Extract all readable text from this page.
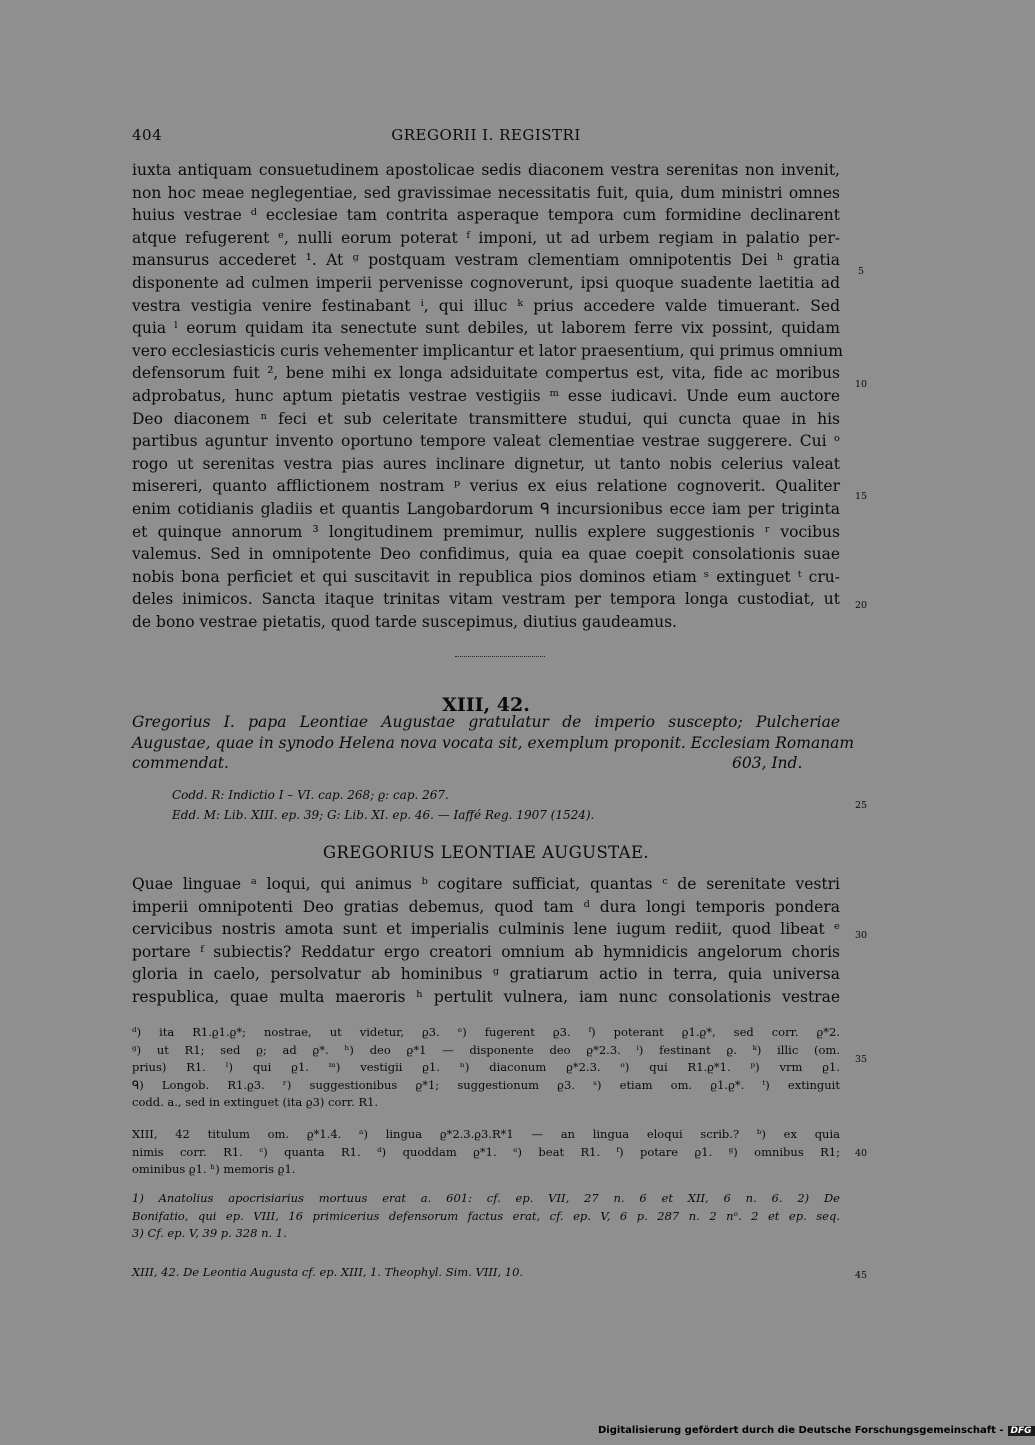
404	GREGORII I. REGISTRI
iuxta antiquam consuetudinem apostolicae sedis diaconem vestra serenitas non invenit,
non hoc meae neglegentiae, sed gravissimae necessitatis fuit, quia, dum ministri omnes
huius vestrae ᵈ ecclesiae tam contrita asperaque tempora cum formidine declinarent
atque refugerent ᵉ, nulli eorum poterat ᶠ imponi, ut ad urbem regiam in palatio per-
mansurus accederet ¹. At ᵍ postquam vestram clementiam omnipotentis Dei ʰ gratia
disponente ad culmen imperii pervenisse cognoverunt, ipsi quoque suadente laetitia ad
vestra vestigia venire festinabant ⁱ, qui illuc ᵏ prius accedere valde timuerant. Sed
quia ˡ eorum quidam ita senectute sunt debiles, ut laborem ferre vix possint, quidam
vero ecclesiasticis curis vehementer implicantur et lator praesentium, qui primus omnium
defensorum fuit ², bene mihi ex longa adsiduitate compertus est, vita, fide ac moribus
adprobatus, hunc aptum pietatis vestrae vestigiis ᵐ esse iudicavi. Unde eum auctore
Deo diaconem ⁿ feci et sub celeritate transmittere studui, qui cuncta quae in his
partibus aguntur invento oportuno tempore valeat clementiae vestrae suggerere. Cui ᵒ
rogo ut serenitas vestra pias aures inclinare dignetur, ut tanto nobis celerius valeat
misereri, quanto afflictionem nostram ᵖ verius ex eius relatione cognoverit. Qualiter
enim cotidianis gladiis et quantis Langobardorum ᑫ incursionibus ecce iam per triginta
et quinque annorum ³ longitudinem premimur, nullis explere suggestionis ʳ vocibus
valemus. Sed in omnipotente Deo confidimus, quia ea quae coepit consolationis suae
nobis bona perficiet et qui suscitavit in republica pios dominos etiam ˢ extinguet ᵗ cru-
deles inimicos. Sancta itaque trinitas vitam vestram per tempora longa custodiat, ut
de bono vestrae pietatis, quod tarde suscepimus, diutius gaudeamus.
XIII, 42.
Gregorius I. papa Leontiae Augustae gratulatur de imperio suscepto; Pulcheriae
Augustae, quae in synodo Helena nova vocata sit, exemplum proponit. Ecclesiam Romanam
commendat.	603, Ind.
Codd. R: Indictio I – VI. cap. 268; ϱ: cap. 267.
Edd. M: Lib. XIII. ep. 39; G: Lib. XI. ep. 46. — Iaffé Reg. 1907 (1524).
GREGORIUS LEONTIAE AUGUSTAE.
Quae linguae ᵃ loqui, qui animus ᵇ cogitare sufficiat, quantas ᶜ de serenitate vestri
imperii omnipotenti Deo gratias debemus, quod tam ᵈ dura longi temporis pondera
cervicibus nostris amota sunt et imperialis culminis lene iugum rediit, quod libeat ᵉ
portare ᶠ subiectis? Reddatur ergo creatori omnium ab hymnidicis angelorum choris
gloria in caelo, persolvatur ab hominibus ᵍ gratiarum actio in terra, quia universa
respublica, quae multa maeroris ʰ pertulit vulnera, iam nunc consolationis vestrae
ᵈ) ita R1.ϱ1.ϱ*; nostrae, ut videtur, ϱ3. ᵉ) fugerent ϱ3. ᶠ) poterant ϱ1.ϱ*, sed corr. ϱ*2.
ᵍ) ut R1; sed ϱ; ad ϱ*. ʰ) deo ϱ*1 — disponente deo ϱ*2.3. ⁱ) festinant ϱ. ᵏ) illic (om.
prius) R1. ˡ) qui ϱ1. ᵐ) vestigii ϱ1. ⁿ) diaconum ϱ*2.3. ᵒ) qui R1.ϱ*1. ᵖ) vrm ϱ1.
ᑫ) Longob. R1.ϱ3. ʳ) suggestionibus ϱ*1; suggestionum ϱ3. ˢ) etiam om. ϱ1.ϱ*. ᵗ) extinguit
codd. a., sed in extinguet (ita ϱ3) corr. R1.
XIII, 42 titulum om. ϱ*1.4. ᵃ) lingua ϱ*2.3.ϱ3.R*1 — an lingua eloqui scrib.? ᵇ) ex quia
nimis corr. R1. ᶜ) quanta R1. ᵈ) quoddam ϱ*1. ᵉ) beat R1. ᶠ) potare ϱ1. ᵍ) omnibus R1;
ominibus ϱ1. ʰ) memoris ϱ1.
1) Anatolius apocrisiarius mortuus erat a. 601: cf. ep. VII, 27 n. 6 et XII, 6 n. 6. 2) De
Bonifatio, qui ep. VIII, 16 primicerius defensorum factus erat, cf. ep. V, 6 p. 287 n. 2 nᵒ. 2 et ep. seq.
3) Cf. ep. V, 39 p. 328 n. 1.
XIII, 42. De Leontia Augusta cf. ep. XIII, 1. Theophyl. Sim. VIII, 10.
5
10
15
20
25
30
35
40
45
Digitalisierung gefördert durch die Deutsche Forschungsgemeinschaft - DFG
